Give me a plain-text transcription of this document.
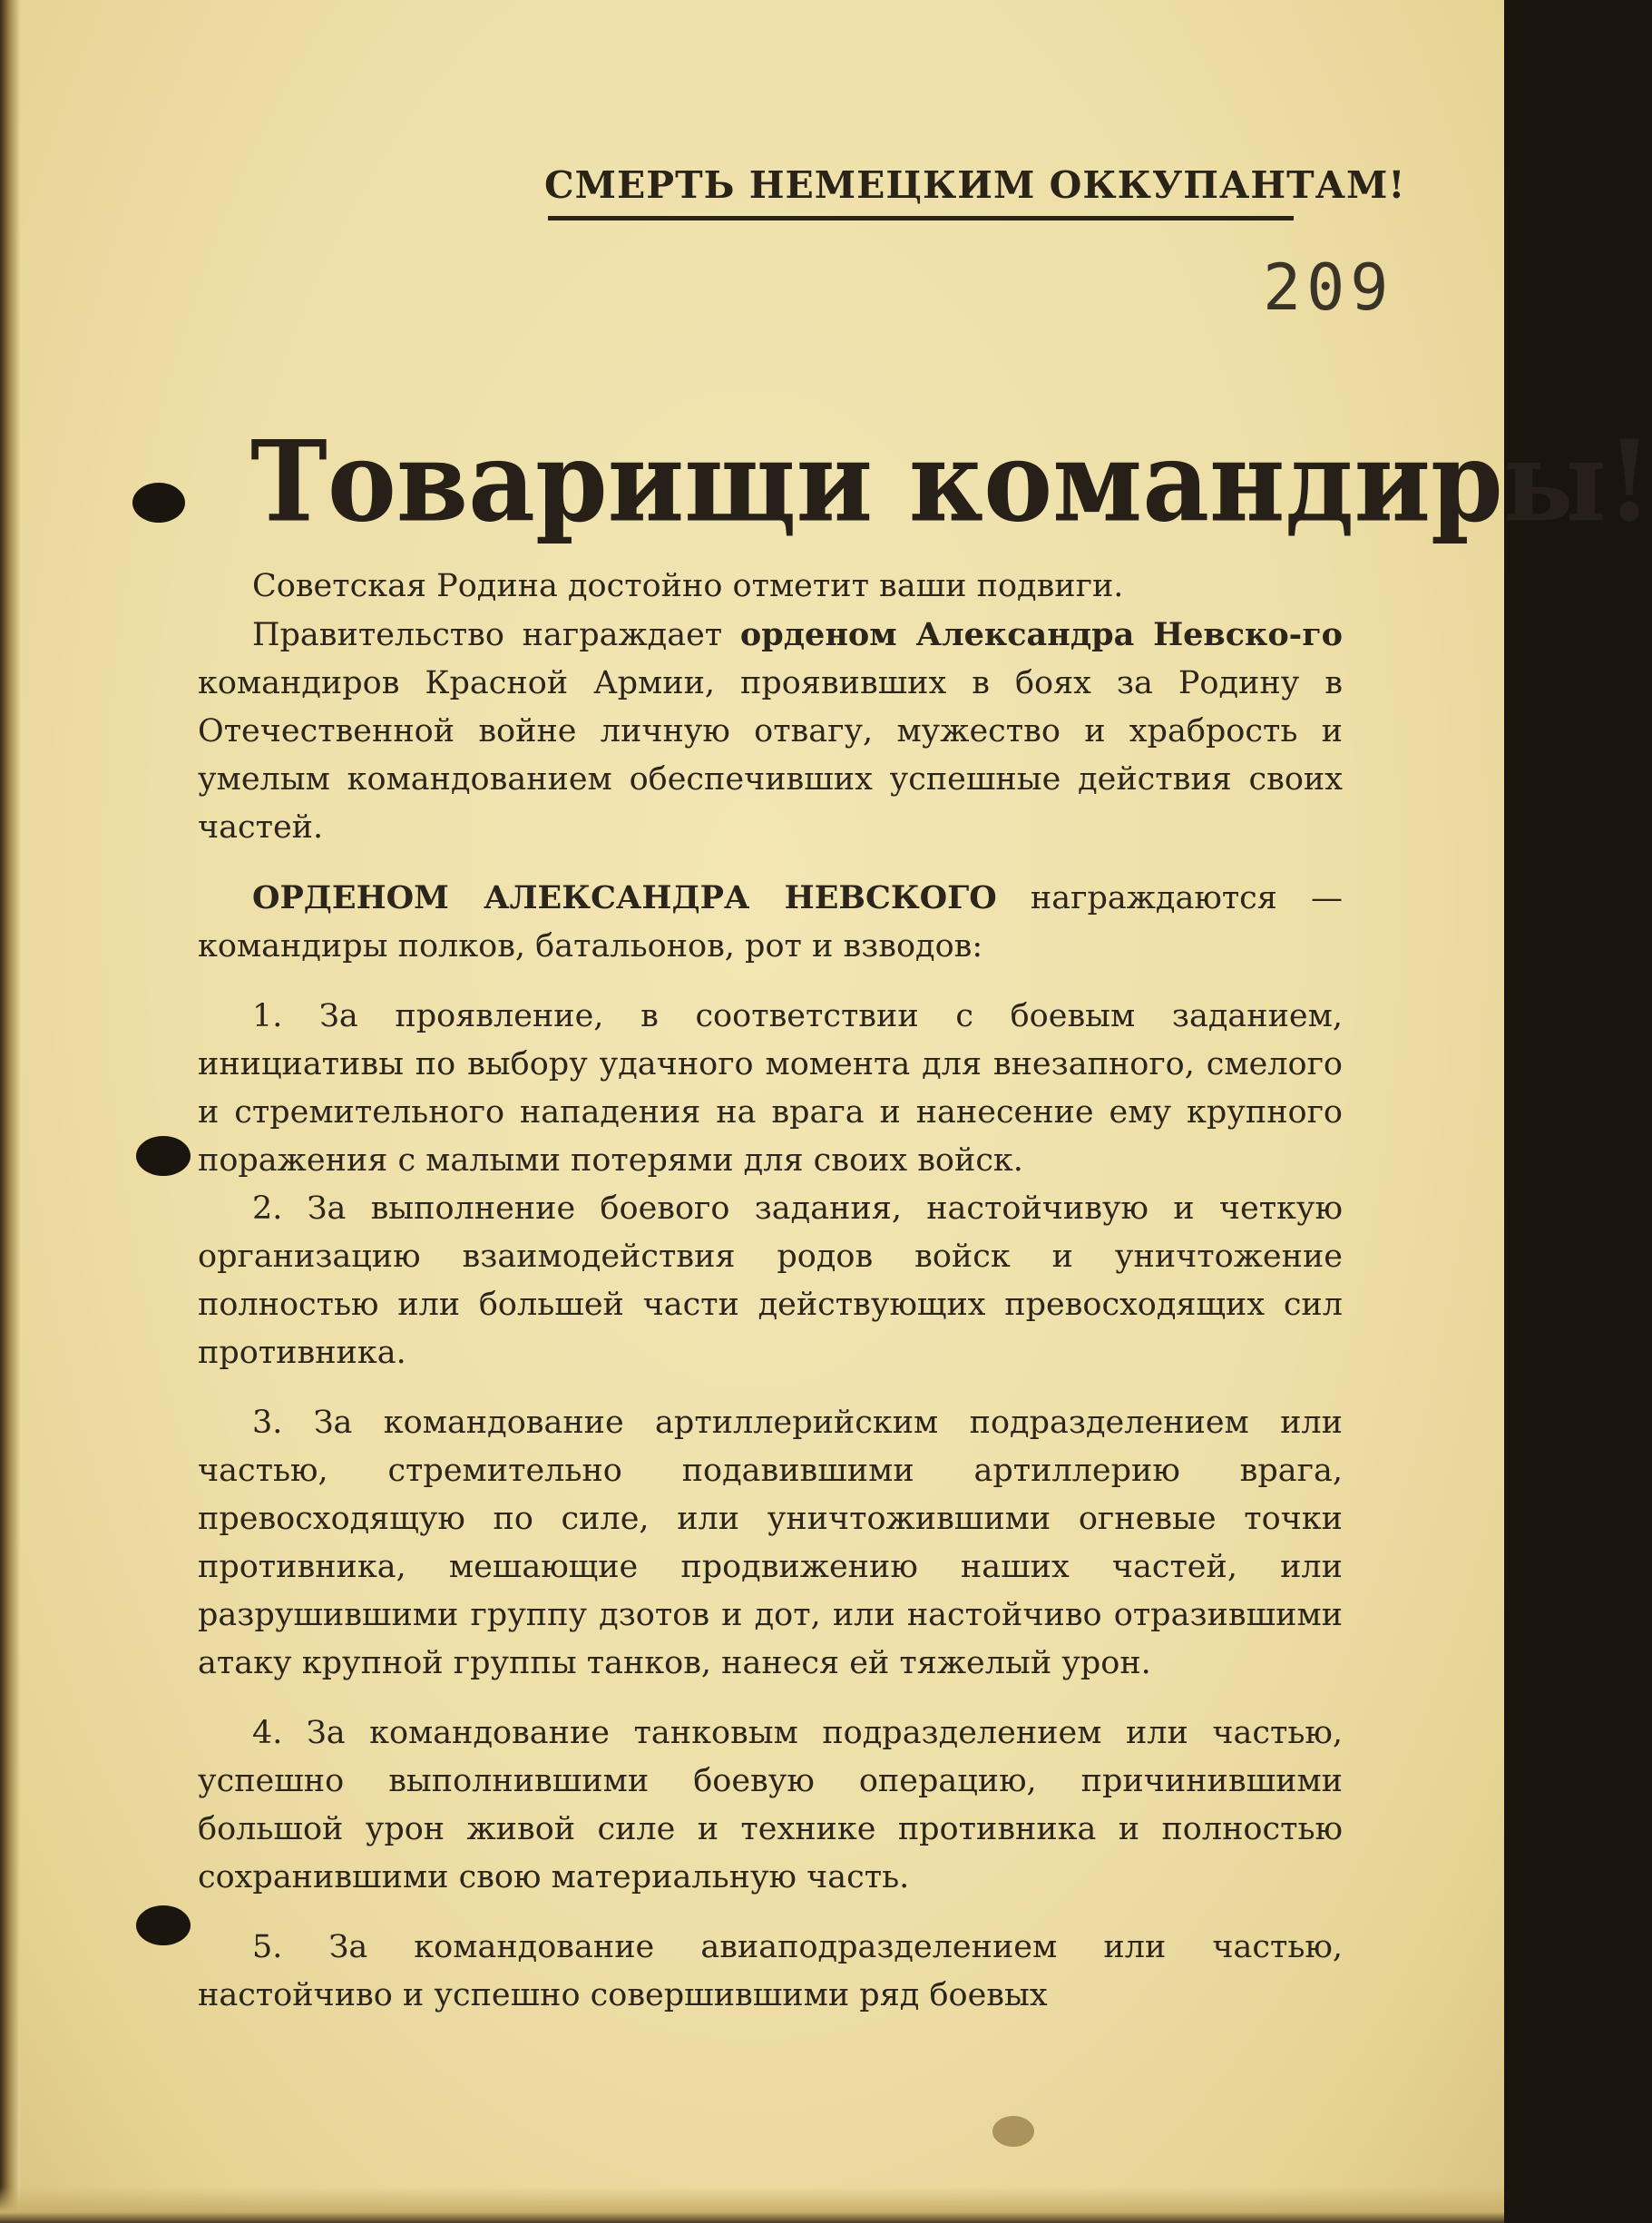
СМЕРТЬ НЕМЕЦКИМ ОККУПАНТАМ!
209
Товарищи командиры!

Советская Родина достойно отметит ваши подвиги.

Правительство награждает орденом Александра Невско-го командиров Красной Армии, проявивших в боях за Родину в Отечественной войне личную отвагу, мужество и храбрость и умелым командованием обеспечивших успешные действия своих частей.

ОРДЕНОМ АЛЕКСАНДРА НЕВСКОГО награждаются — командиры полков, батальонов, рот и взводов:

1. За проявление, в соответствии с боевым заданием, инициативы по выбору удачного момента для внезапного, смелого и стремительного нападения на врага и нанесение ему крупного поражения с малыми потерями для своих войск.

2. За выполнение боевого задания, настойчивую и четкую организацию взаимодействия родов войск и уничтожение полностью или большей части действующих превосходящих сил противника.

3. За командование артиллерийским подразделением или частью, стремительно подавившими артиллерию врага, превосходящую по силе, или уничтожившими огневые точки противника, мешающие продвижению наших частей, или разрушившими группу дзотов и дот, или настойчиво отразившими атаку крупной группы танков, нанеся ей тяжелый урон.

4. За командование танковым подразделением или частью, успешно выполнившими боевую операцию, причинившими большой урон живой силе и технике противника и полностью сохранившими свою материальную часть.

5. За командование авиаподразделением или частью, настойчиво и успешно совершившими ряд боевых
